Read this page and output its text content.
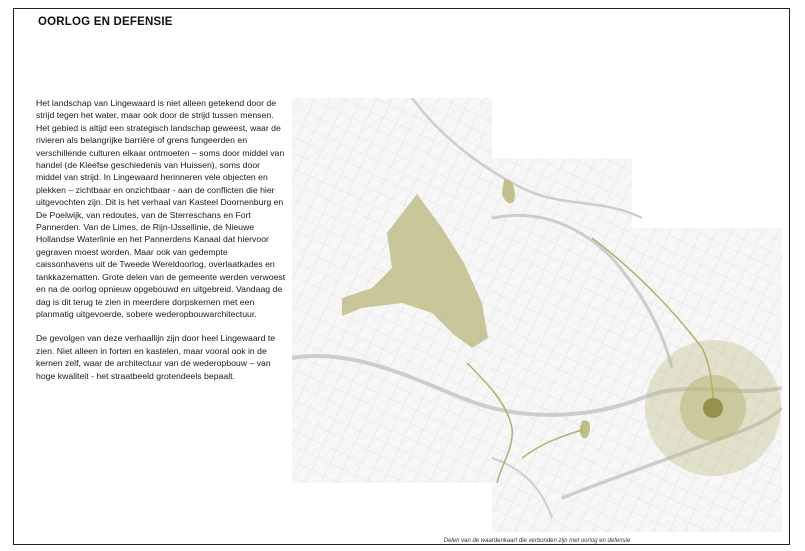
OORLOG EN DEFENSIE

Het landschap van Lingewaard is niet alleen getekend door de strijd tegen het water, maar ook door de strijd tussen mensen. Het gebied is altijd een strategisch landschap geweest, waar de rivieren als belangrijke barrière of grens fungeerden en verschillende culturen elkaar ontmoeten – soms door middel van handel (de Kleefse geschiedenis van Huissen), soms door middel van strijd. In Lingewaard herinneren vele objecten en plekken – zichtbaar en onzichtbaar - aan de conflicten die hier uitgevochten zijn. Dit is het verhaal van Kasteel Doornenburg en De Poelwijk, van redoutes, van de Sterreschans en Fort Pannerden. Van de Limes, de Rijn-IJssellinie, de Nieuwe Hollandse Waterlinie en het Pannerdens Kanaal dat hiervoor gegraven moest worden. Maar ook van gedempte caissonhavens uit de Tweede Wereldoorlog, overlaatkades en tankkazematten. Grote delen van de gemeente werden verwoest en na de oorlog opnieuw opgebouwd en uitgebreid. Vandaag de dag is dit terug te zien in meerdere dorpskernen met een planmatig uitgevoerde, sobere wederopbouwarchitectuur.

De gevolgen van deze verhaallijn zijn door heel Lingewaard te zien. Niet alleen in forten en kastelen, maar vooral ook in de kernen zelf, waar de architectuur van de wederopbouw – van hoge kwaliteit - het straatbeeld grotendeels bepaalt.

Delen van de waardenkaart die verbonden zijn met oorlog en defensie
